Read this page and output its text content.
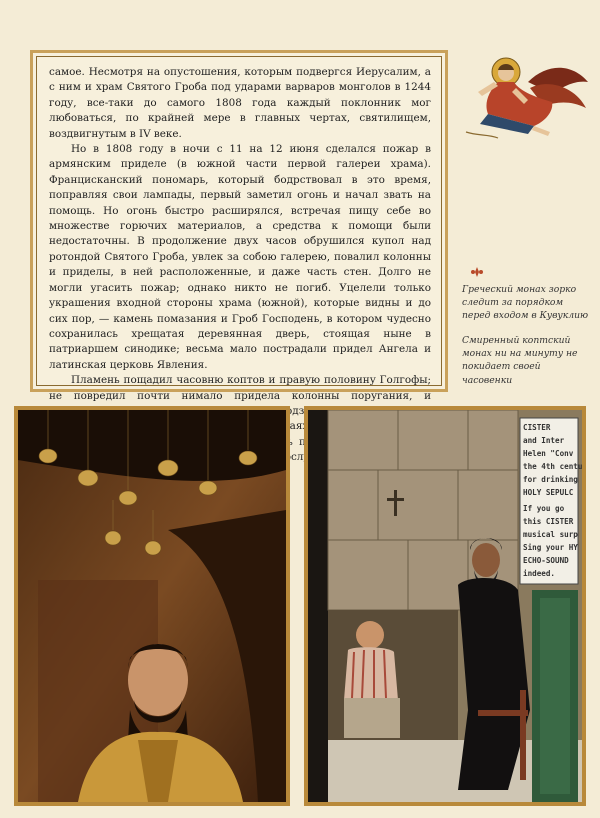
самое. Несмотря на опустошения, которым подвергся Иерусалим, а с ним и храм Святого Гроба под ударами варваров монголов в 1244 году, все-таки до самого 1808 года каждый поклонник мог любоваться, по крайней мере в главных чертах, святилищем, воздвигнутым в IV веке.

Но в 1808 году в ночи с 11 на 12 июня сделался пожар в армянским приделе (в южной части первой галереи храма). Францисканский пономарь, который бодрствовал в это время, поправляя свои лампады, первый заметил огонь и начал звать на помощь. Но огонь быстро расширялся, встречая пищу себе во множестве горючих материалов, а средства к помощи были недостаточны. В продолжение двух часов обрушился купол над ротондой Святого Гроба, увлек за собою галерею, повалил колонны и приделы, в ней расположенные, и даже часть стен. Долго не могли угасить пожар; однако никто не погиб. Уцелели только украшения входной стороны храма (южной), которые видны и до сих пор, — камень помазания и Гроб Господень, в котором чудесно сохранилась хрещатая деревянная дверь, стоящая ныне в патриаршем синодике; весьма мало пострадали придел Ангела и латинская церковь Явления.

Пламень пощадил часовню коптов и правую половину Голгофы; не повредил почти нимало придела колонны поругания, и

Греческий монах зорко следит за порядком перед входом в Кувуклию

Смиренный коптский монах ни на минуту не покидает своей часовенки

CISTER
and Inter
Helen "Conv
the 4th centu
for drinking
HOLY SEPULC
If you go
this CISTER
musical surp
Sing your HY
ECHO-SOUND
indeed.
